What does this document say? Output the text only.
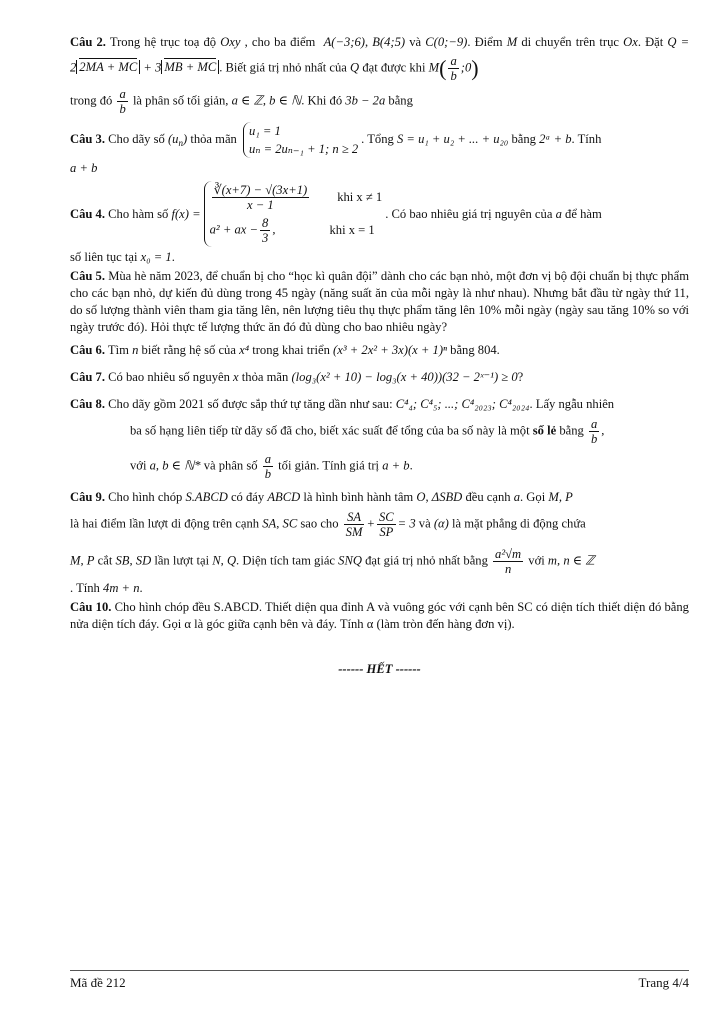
Câu 2. Trong hệ trục toạ độ Oxy , cho ba điểm A(−3;6), B(4;5) và C(0;−9). Điểm M di chuyển trên trục Ox. Đặt Q = 2 2MA + MC + 3 MB + MC . Biết giá trị nhỏ nhất của Q đạt được khi $M( \frac{a}{b}$ ;0)

trong đó $\frac{a}{b}$ là phân số tối giản, a ∈ ℤ, b ∈ ℕ. Khi đó 3b − 2a bằng

Câu 3. Cho dãy số $(u_n)$ thỏa mãn
u₁ = 1
uₙ = 2uₙ₋₁ + 1; n ≥ 2
. Tổng S = u₁ + u₂ + ... + u₂₀ bằng 2ᵃ + b. Tính

a + b

Câu 4. Cho hàm số f(x) =
$\frac{∛(x+7) - √(3x+1)}{x - 1}$ khi x ≠ 1
a² + ax − $\frac{8}{3}$ ,	khi x = 1
. Có bao nhiêu giá trị nguyên của a để hàm

số liên tục tại x₀ = 1.

Câu 5. Mùa hè năm 2023, để chuẩn bị cho “học kì quân đội” dành cho các bạn nhỏ, một đơn vị bộ đội chuẩn bị thực phẩm cho các bạn nhỏ, dự kiến đủ dùng trong 45 ngày (năng suất ăn của mỗi ngày là như nhau). Nhưng bắt đầu từ ngày thứ 11, do số lượng thành viên tham gia tăng lên, nên lượng tiêu thụ thực phẩm tăng lên 10% mỗi ngày (ngày sau tăng 10% so với ngày trước đó). Hỏi thực tế lượng thức ăn đó đủ dùng cho bao nhiêu ngày?

Câu 6. Tìm n biết rằng hệ số của x⁴ trong khai triển (x³ + 2x² + 3x)(x + 1)ⁿ bằng 804.

Câu 7. Có bao nhiêu số nguyên x thỏa mãn (log₃(x² + 10) − log₃(x + 40))(32 − 2ˣ⁻¹) ≥ 0?

Câu 8. Cho dãy gồm 2021 số được sắp thứ tự tăng dần như sau: C⁴₄; C⁴₅; ...; C⁴₂₀₂₃; C⁴₂₀₂₄. Lấy ngẫu nhiên

ba số hạng liên tiếp từ dãy số đã cho, biết xác suất để tổng của ba số này là một số lẻ bằng $\frac{a}{b}$ ,

với a, b ∈ ℕ* và phân số $\frac{a}{b}$ tối giản. Tính giá trị a + b.

Câu 9. Cho hình chóp S.ABCD có đáy ABCD là hình bình hành tâm O, ΔSBD đều cạnh a. Gọi M, P

là hai điểm lần lượt di động trên cạnh SA, SC sao cho $\frac{SA}{SM} + \frac{SC}{SP} = 3$ và (α) là mặt phẳng di động chứa

M, P cắt SB, SD lần lượt tại N, Q. Diện tích tam giác SNQ đạt giá trị nhỏ nhất bằng $\frac{\text{a²√m}}{n}$ với m, n ∈ ℤ

. Tính 4m + n.

Câu 10. Cho hình chóp đều S.ABCD. Thiết diện qua đỉnh A và vuông góc với cạnh bên SC có diện tích thiết diện đó bằng nửa diện tích đáy. Gọi α là góc giữa cạnh bên và đáy. Tính α (làm tròn đến hàng đơn vị).

------ HẾT ------

Mã đề 212	Trang 4/4
